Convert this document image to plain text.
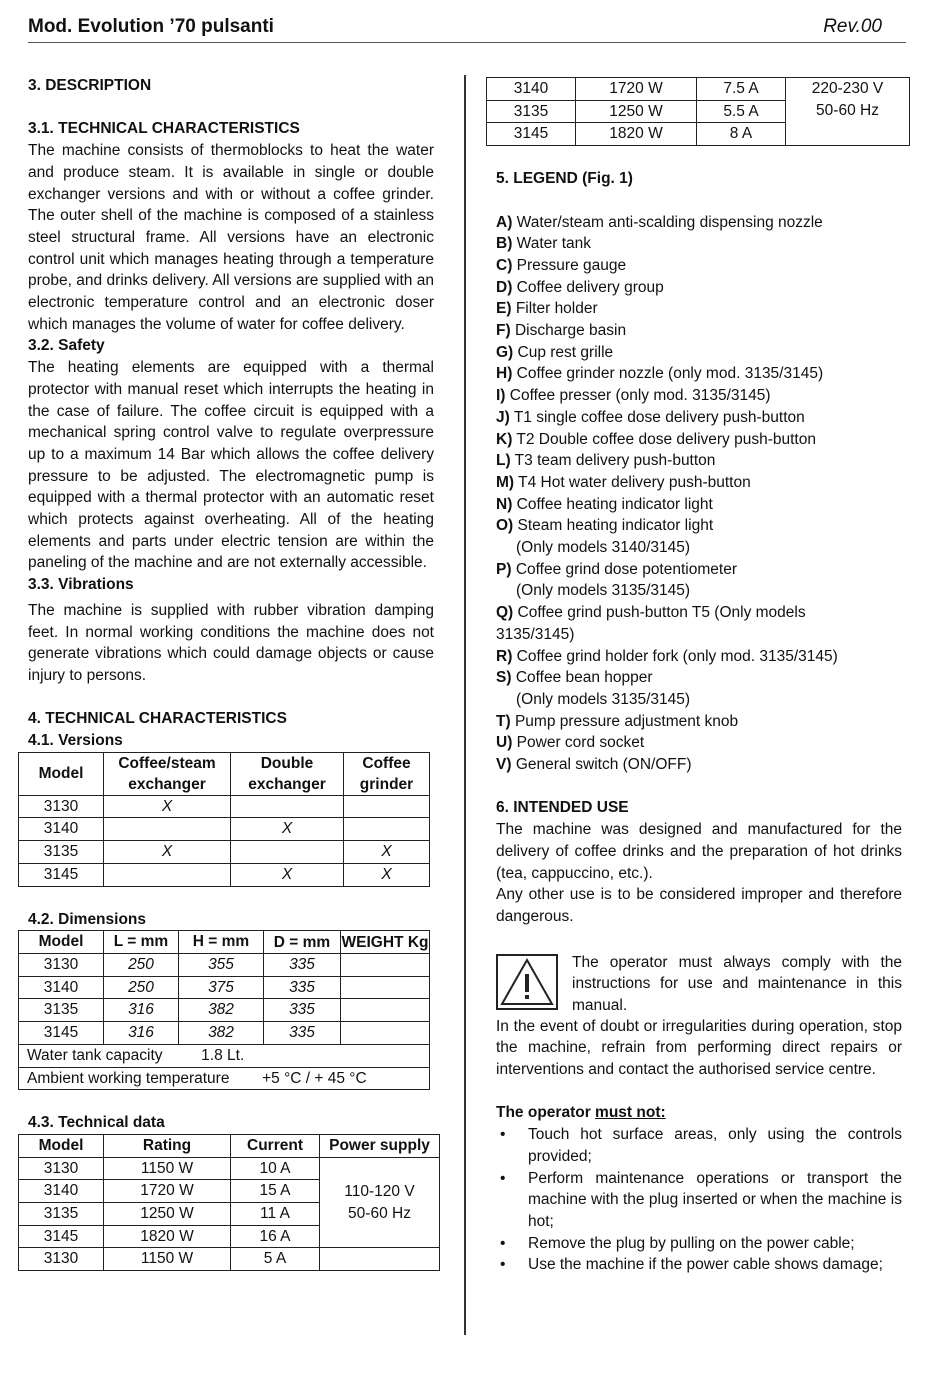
Mod. Evolution ’70 pulsanti	Rev.00

3. DESCRIPTION

3.1. TECHNICAL CHARACTERISTICS

The machine consists of thermoblocks to heat the water and produce steam. It is available in single or double exchanger versions and with or without a coffee grinder. The outer shell of the machine is composed of a stainless steel structural frame. All versions have an electronic control unit which manages heating through a temperature probe, and drinks delivery. All versions are supplied with an electronic temperature control and an electronic doser which manages the volume of water for coffee delivery.

3.2. Safety

The heating elements are equipped with a thermal protector with manual reset which interrupts the heating in the case of failure. The coffee circuit is equipped with a mechanical spring control valve to regulate overpressure up to a maximum 14 Bar which allows the coffee delivery pressure to be adjusted. The electromagnetic pump is equipped with a thermal protector with an automatic reset which protects against overheating. All of the heating elements and parts under electric tension are within the paneling of the machine and are not externally accessible.

3.3. Vibrations

The machine is supplied with rubber vibration damping feet. In normal working conditions the machine does not generate vibrations which could damage objects or cause injury to persons.

4. TECHNICAL CHARACTERISTICS

4.1. Versions

Model	Coffee/steam exchanger	Double exchanger	Coffee grinder
3130	X		
3140		X	
3135	X		X
3145		X	X

4.2. Dimensions

Model	L = mm	H = mm	D = mm	WEIGHT Kg
3130	250	355	335	
3140	250	375	335	
3135	316	382	335	
3145	316	382	335	
Water tank capacity 1.8 Lt.				
Ambient working temperature +5 °C / + 45 °C				

4.3. Technical data

Model	Rating	Current	Power supply
3130	1150 W	10 A	110-120 V
50-60 Hz
3140	1720 W	15 A	
3135	1250 W	11 A	
3145	1820 W	16 A	
3130	1150 W	5 A	
3140	1720 W	7.5 A	220-230 V
50-60 Hz
3135	1250 W	5.5 A	
3145	1820 W	8 A	

5. LEGEND (Fig. 1)

A) Water/steam anti-scalding dispensing nozzle

B) Water tank

C) Pressure gauge

D) Coffee delivery group

E) Filter holder

F) Discharge basin

G) Cup rest grille

H) Coffee grinder nozzle (only mod. 3135/3145)

I) Coffee presser (only mod. 3135/3145)

J) T1 single coffee dose delivery push-button

K) T2 Double coffee dose delivery push-button

L) T3 team delivery push-button

M) T4 Hot water delivery push-button

N) Coffee heating indicator light

O) Steam heating indicator light

(Only models 3140/3145)

P) Coffee grind dose potentiometer

(Only models 3135/3145)

Q) Coffee grind push-button T5 (Only models

3135/3145)

R) Coffee grind holder fork (only mod. 3135/3145)

S) Coffee bean hopper

(Only models 3135/3145)

T) Pump pressure adjustment knob

U) Power cord socket

V) General switch (ON/OFF)

6. INTENDED USE

The machine was designed and manufactured for the delivery of coffee drinks and the preparation of hot drinks (tea, cappuccino, etc.).

Any other use is to be considered improper and therefore dangerous.

The operator must always comply with the instructions for use and maintenance in this manual.

In the event of doubt or irregularities during operation, stop the machine, refrain from performing direct repairs or interventions and contact the authorised service centre.

The operator must not:

• Touch hot surface areas, only using the controls provided;
• Perform maintenance operations or transport the machine with the plug inserted or when the machine is hot;
• Remove the plug by pulling on the power cable;
• Use the machine if the power cable shows damage;
